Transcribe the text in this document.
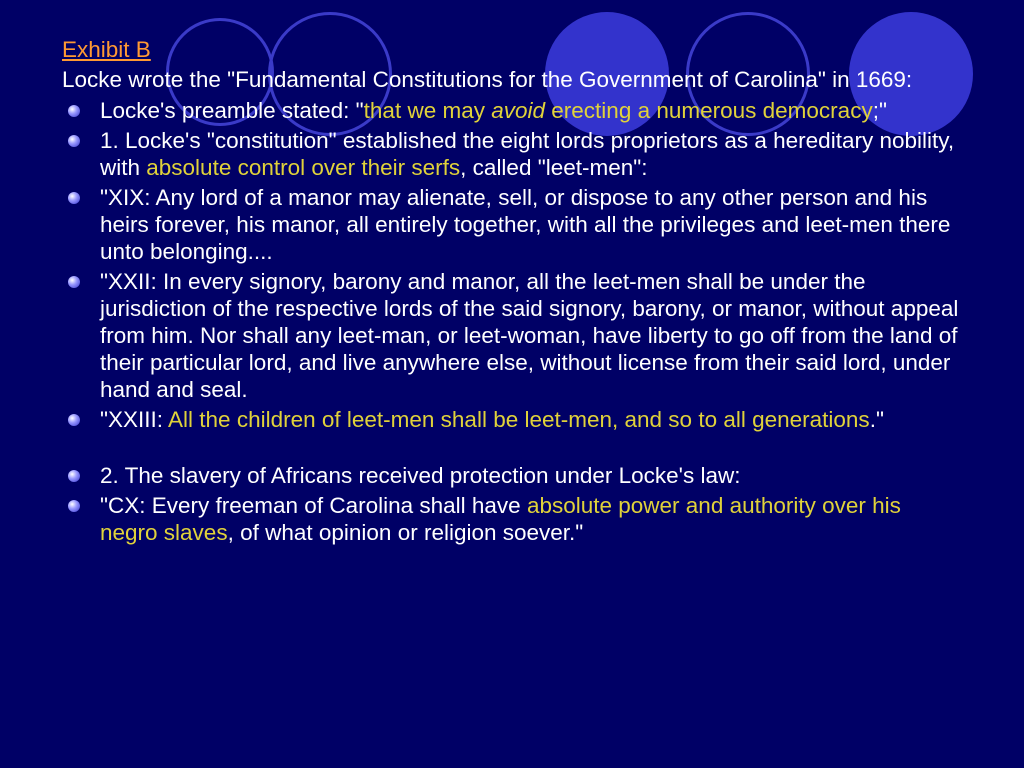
Exhibit B

Locke wrote the "Fundamental Constitutions for the Government of Carolina" in 1669:

Locke's preamble stated: "that we may avoid erecting a numerous democracy;"
1. Locke's "constitution" established the eight lords proprietors as a hereditary nobility, with absolute control over their serfs, called "leet-men":
"XIX: Any lord of a manor may alienate, sell, or dispose to any other person and his heirs forever, his manor, all entirely together, with all the privileges and leet-men there unto belonging....
"XXII: In every signory, barony and manor, all the leet-men shall be under the jurisdiction of the respective lords of the said signory, barony, or manor, without appeal from him. Nor shall any leet-man, or leet-woman, have liberty to go off from the land of their particular lord, and live anywhere else, without license from their said lord, under hand and seal.
"XXIII: All the children of leet-men shall be leet-men, and so to all generations."
2. The slavery of Africans received protection under Locke's law:
"CX: Every freeman of Carolina shall have absolute power and authority over his negro slaves, of what opinion or religion soever."
